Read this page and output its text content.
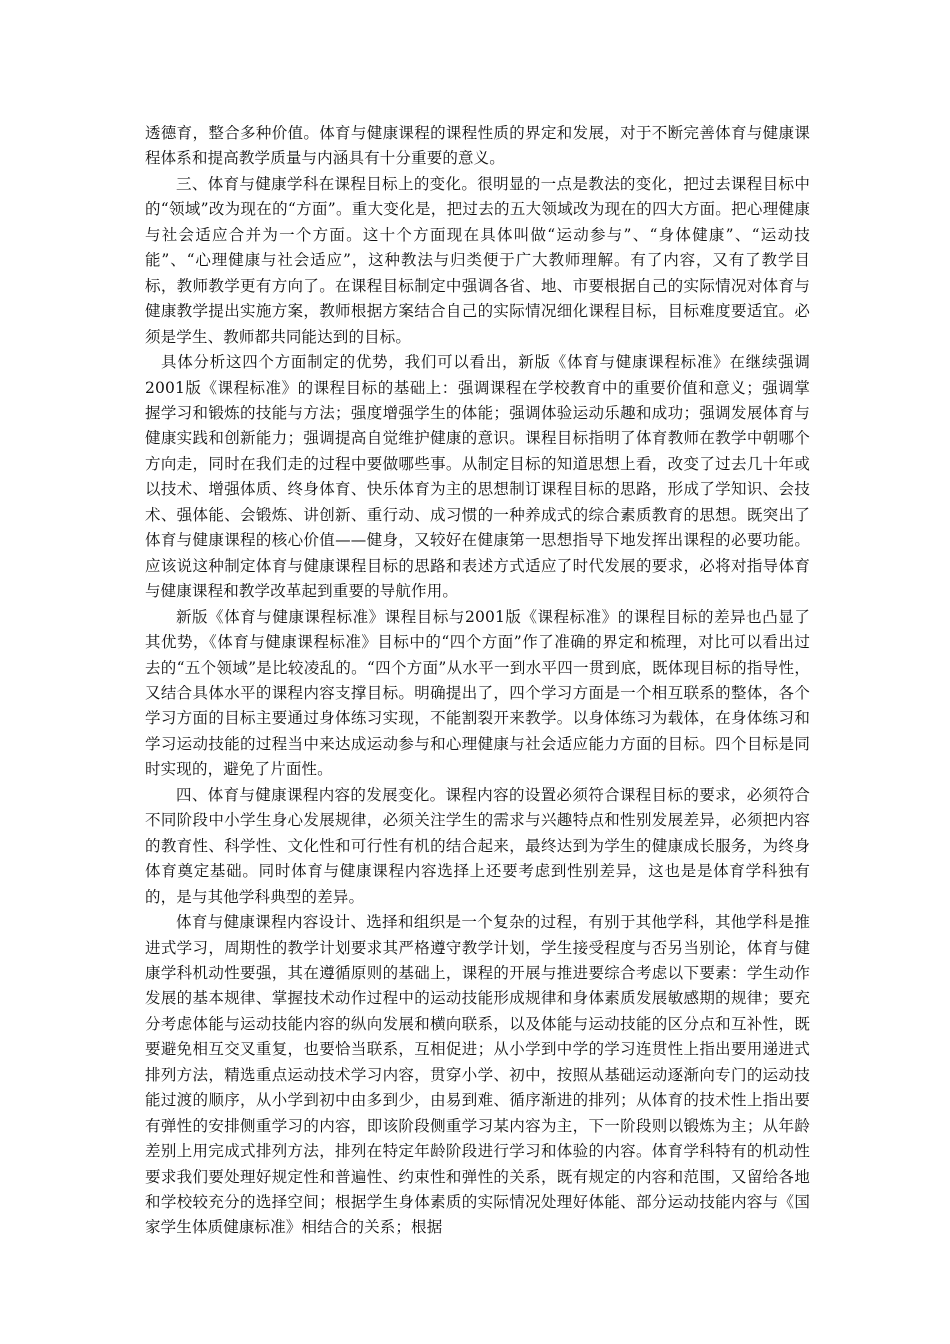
透德育，整合多种价值。体育与健康课程的课程性质的界定和发展，对于不断完善体育与健康课程体系和提高教学质量与内涵具有十分重要的意义。

三、体育与健康学科在课程目标上的变化。很明显的一点是教法的变化，把过去课程目标中的“领域”改为现在的“方面”。重大变化是，把过去的五大领域改为现在的四大方面。把心理健康与社会适应合并为一个方面。这十个方面现在具体叫做“运动参与”、“身体健康”、“运动技能”、“心理健康与社会适应”，这种教法与归类便于广大教师理解。有了内容，又有了教学目标，教师教学更有方向了。在课程目标制定中强调各省、地、市要根据自己的实际情况对体育与健康教学提出实施方案，教师根据方案结合自己的实际情况细化课程目标，目标难度要适宜。必须是学生、教师都共同能达到的目标。

具体分析这四个方面制定的优势，我们可以看出，新版《体育与健康课程标准》在继续强调2001版《课程标准》的课程目标的基础上：强调课程在学校教育中的重要价值和意义；强调掌握学习和锻炼的技能与方法；强度增强学生的体能；强调体验运动乐趣和成功；强调发展体育与健康实践和创新能力；强调提高自觉维护健康的意识。课程目标指明了体育教师在教学中朝哪个方向走，同时在我们走的过程中要做哪些事。从制定目标的知道思想上看，改变了过去几十年或以技术、增强体质、终身体育、快乐体育为主的思想制订课程目标的思路，形成了学知识、会技术、强体能、会锻炼、讲创新、重行动、成习惯的一种养成式的综合素质教育的思想。既突出了体育与健康课程的核心价值——健身，又较好在健康第一思想指导下地发挥出课程的必要功能。应该说这种制定体育与健康课程目标的思路和表述方式适应了时代发展的要求，必将对指导体育与健康课程和教学改革起到重要的导航作用。

新版《体育与健康课程标准》课程目标与2001版《课程标准》的课程目标的差异也凸显了其优势，《体育与健康课程标准》目标中的“四个方面”作了准确的界定和梳理，对比可以看出过去的“五个领域”是比较凌乱的。“四个方面”从水平一到水平四一贯到底，既体现目标的指导性，又结合具体水平的课程内容支撑目标。明确提出了，四个学习方面是一个相互联系的整体，各个学习方面的目标主要通过身体练习实现，不能割裂开来教学。以身体练习为载体，在身体练习和学习运动技能的过程当中来达成运动参与和心理健康与社会适应能力方面的目标。四个目标是同时实现的，避免了片面性。

四、体育与健康课程内容的发展变化。课程内容的设置必须符合课程目标的要求，必须符合不同阶段中小学生身心发展规律，必须关注学生的需求与兴趣特点和性别发展差异，必须把内容的教育性、科学性、文化性和可行性有机的结合起来，最终达到为学生的健康成长服务，为终身体育奠定基础。同时体育与健康课程内容选择上还要考虑到性别差异，这也是是体育学科独有的，是与其他学科典型的差异。

体育与健康课程内容设计、选择和组织是一个复杂的过程，有别于其他学科，其他学科是推进式学习，周期性的教学计划要求其严格遵守教学计划，学生接受程度与否另当别论，体育与健康学科机动性要强，其在遵循原则的基础上，课程的开展与推进要综合考虑以下要素：学生动作发展的基本规律、掌握技术动作过程中的运动技能形成规律和身体素质发展敏感期的规律；要充分考虑体能与运动技能内容的纵向发展和横向联系，以及体能与运动技能的区分点和互补性，既要避免相互交叉重复，也要恰当联系，互相促进；从小学到中学的学习连贯性上指出要用递进式排列方法，精选重点运动技术学习内容，贯穿小学、初中，按照从基础运动逐渐向专门的运动技能过渡的顺序，从小学到初中由多到少，由易到难、循序渐进的排列；从体育的技术性上指出要有弹性的安排侧重学习的内容，即该阶段侧重学习某内容为主，下一阶段则以锻炼为主；从年龄差别上用完成式排列方法，排列在特定年龄阶段进行学习和体验的内容。体育学科特有的机动性要求我们要处理好规定性和普遍性、约束性和弹性的关系，既有规定的内容和范围，又留给各地和学校较充分的选择空间；根据学生身体素质的实际情况处理好体能、部分运动技能内容与《国家学生体质健康标准》相结合的关系；根据
